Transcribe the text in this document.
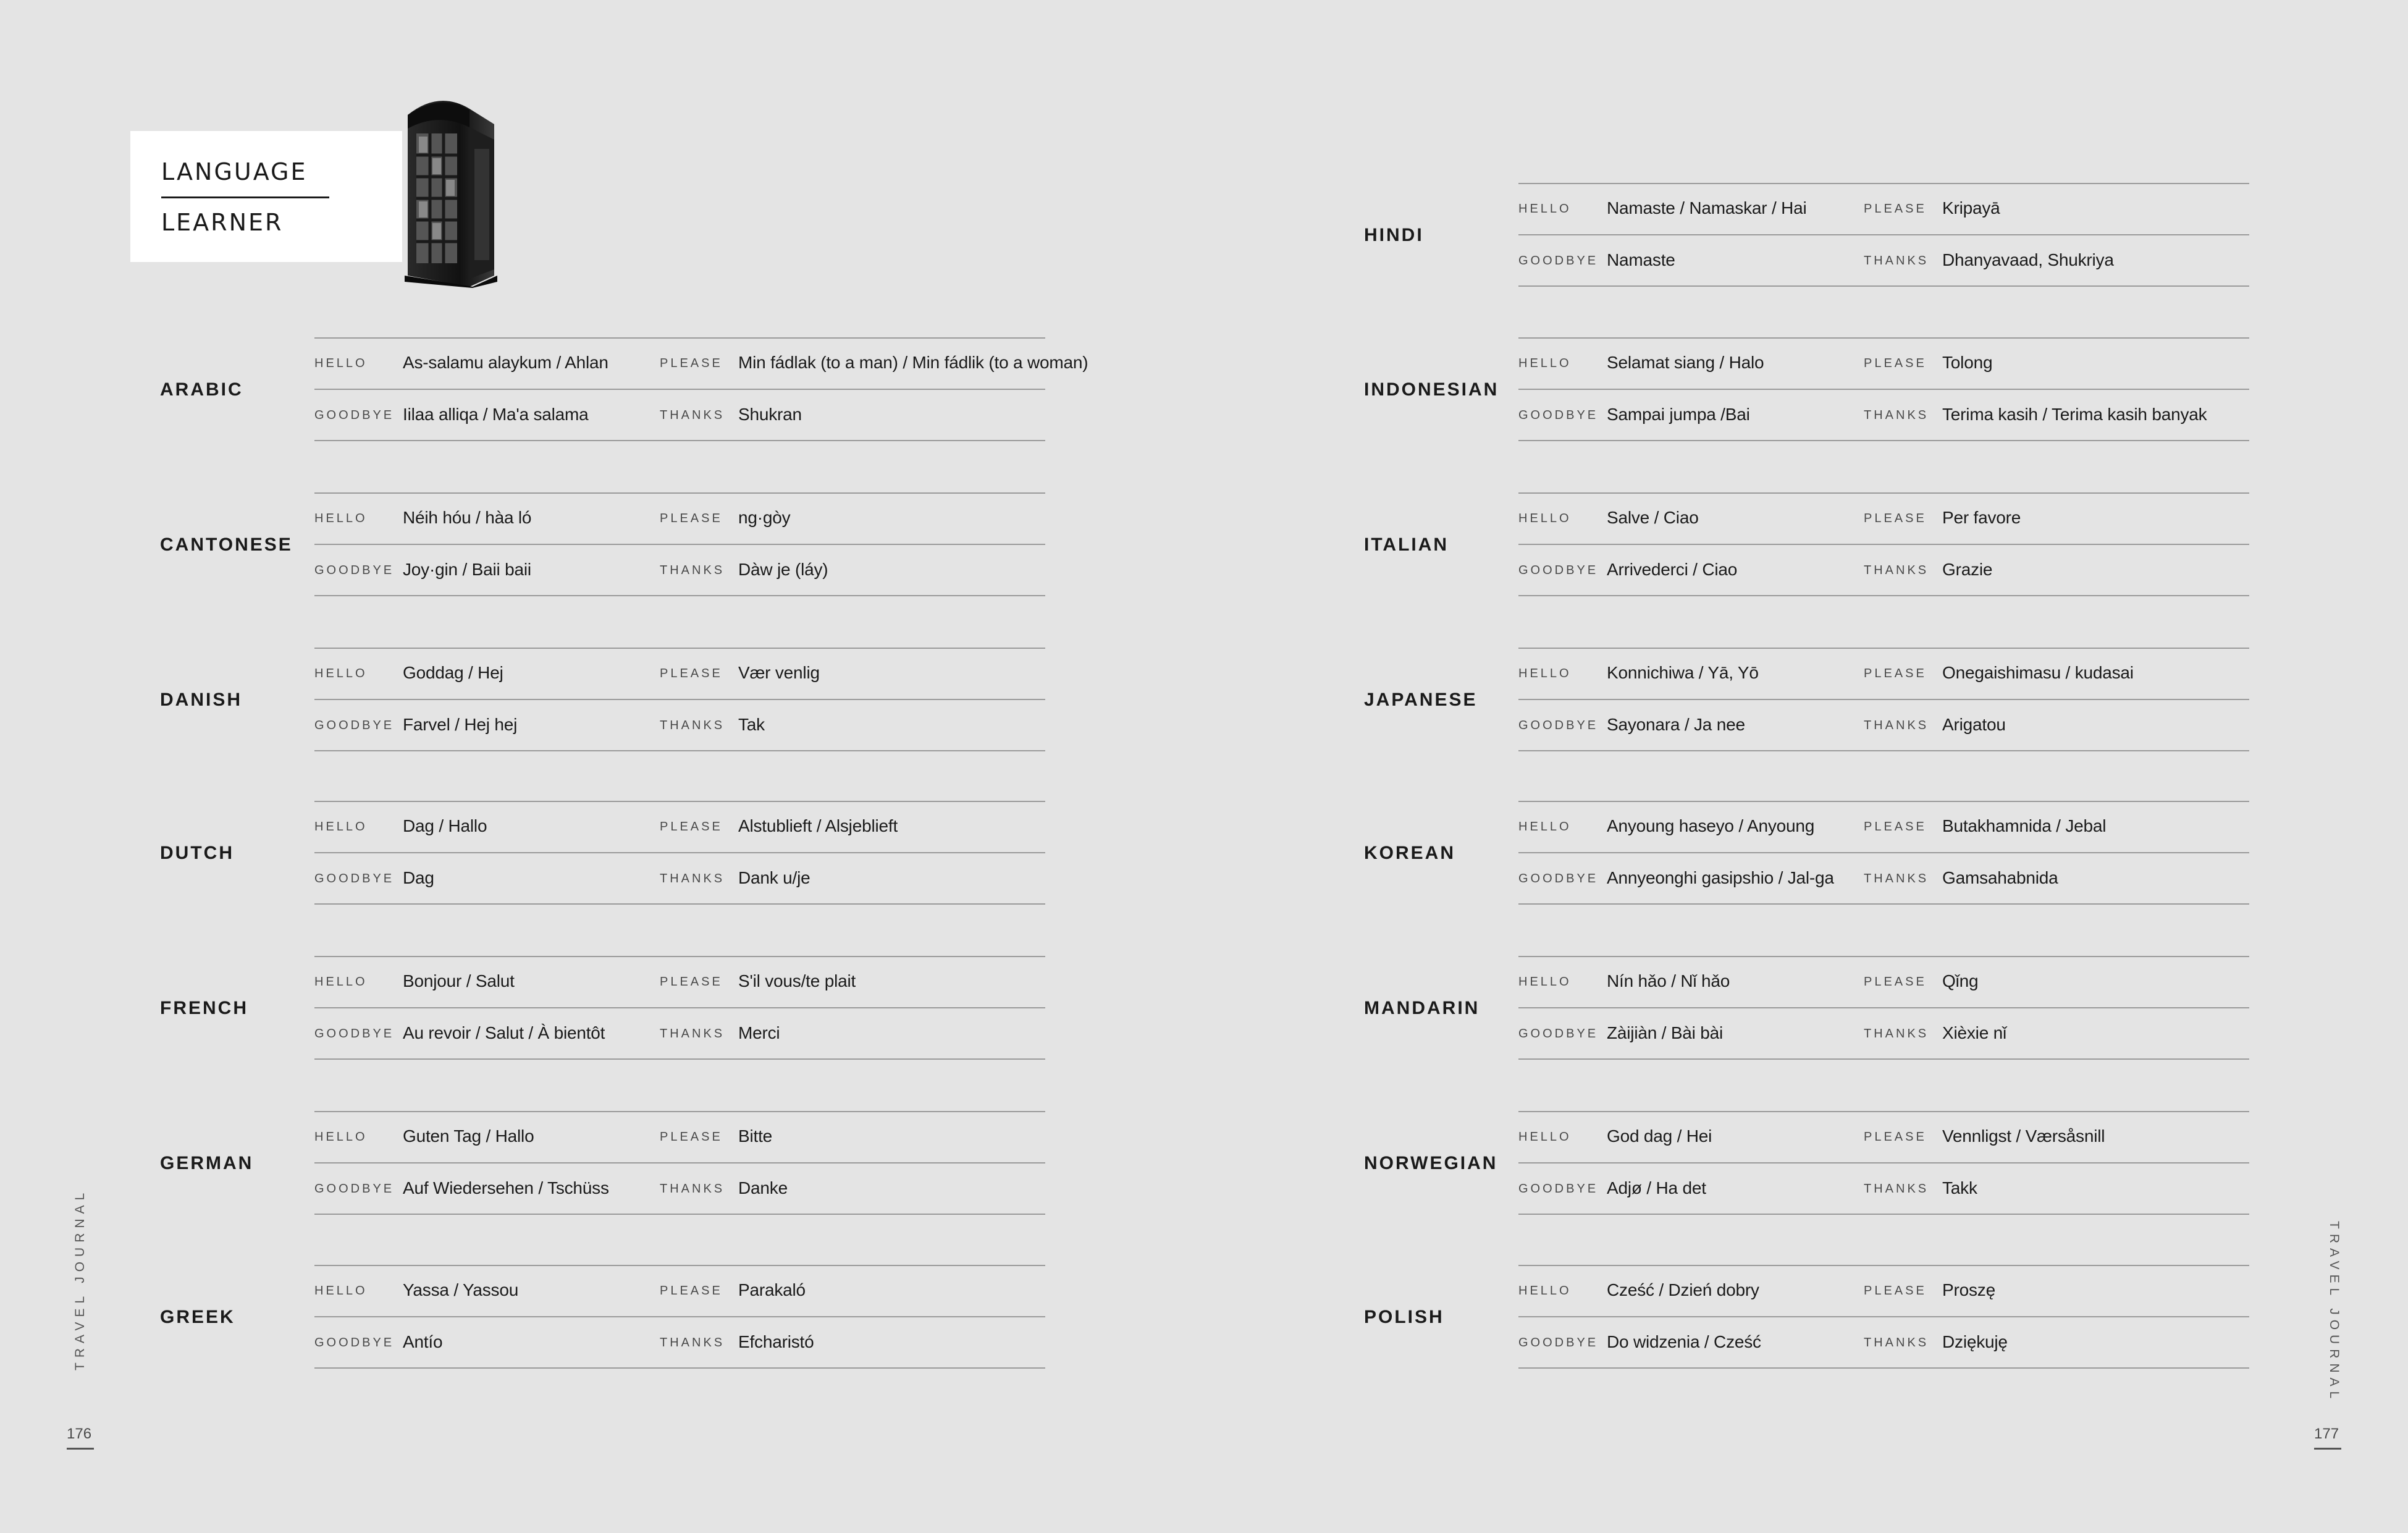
LANGUAGE
LEARNER
ARABIC
HELLO As-salamu alaykum / Ahlan	PLEASE Min fádlak (to a man) / Min fádlik (to a woman)
GOODBYE Iilaa alliqa / Ma'a salama	THANKS Shukran
CANTONESE
HELLO Néih hóu / hàa ló	PLEASE ng·gòy
GOODBYE Joy·gin / Baii baii	THANKS Dàw je (láy)
DANISH
HELLO Goddag / Hej	PLEASE Vær venlig
GOODBYE Farvel / Hej hej	THANKS Tak
DUTCH
HELLO Dag / Hallo	PLEASE Alstublieft / Alsjeblieft
GOODBYE Dag	THANKS Dank u/je
FRENCH
HELLO Bonjour / Salut	PLEASE S'il vous/te plait
GOODBYE Au revoir / Salut / À bientôt	THANKS Merci
GERMAN
HELLO Guten Tag / Hallo	PLEASE Bitte
GOODBYE Auf Wiedersehen / Tschüss	THANKS Danke
GREEK
HELLO Yassa / Yassou	PLEASE Parakaló
GOODBYE Antío	THANKS Efcharistó
HINDI
HELLO Namaste / Namaskar / Hai	PLEASE Kripayā
GOODBYE Namaste	THANKS Dhanyavaad, Shukriya
INDONESIAN
HELLO Selamat siang / Halo	PLEASE Tolong
GOODBYE Sampai jumpa /Bai	THANKS Terima kasih / Terima kasih banyak
ITALIAN
HELLO Salve / Ciao	PLEASE Per favore
GOODBYE Arrivederci / Ciao	THANKS Grazie
JAPANESE
HELLO Konnichiwa / Yā, Yō	PLEASE Onegaishimasu / kudasai
GOODBYE Sayonara / Ja nee	THANKS Arigatou
KOREAN
HELLO Anyoung haseyo / Anyoung	PLEASE Butakhamnida / Jebal
GOODBYE Annyeonghi gasipshio / Jal-ga THANKS Gamsahabnida
MANDARIN
HELLO Nín hǎo / Nǐ hǎo	PLEASE Qǐng
GOODBYE Zàijiàn / Bài bài	THANKS Xièxie nǐ
NORWEGIAN
HELLO God dag / Hei	PLEASE Vennligst / Værsåsnill
GOODBYE Adjø / Ha det	THANKS Takk
POLISH
HELLO Cześć / Dzień dobry	PLEASE Proszę
GOODBYE Do widzenia / Cześć	THANKS Dziękuję
TRAVEL JOURNAL	TRAVEL JOURNAL
176	177
